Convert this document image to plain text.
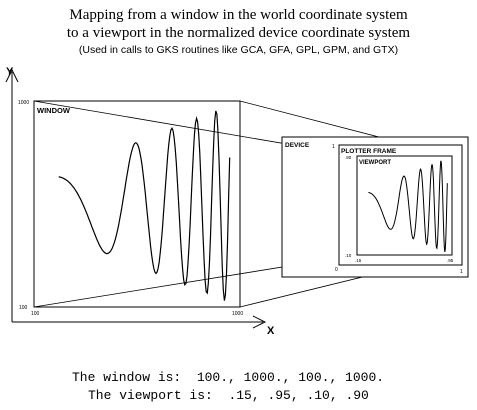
Mapping from a window in the world coordinate system
to a viewport in the normalized device coordinate system
(Used in calls to GKS routines like GCA, GFA, GPL, GPM, and GTX)
Y
X
WINDOW
1000
100
100	1000
DEVICE	1
PLOTTER FRAME
0	1
VIEWPORT
.90
.10
.15	.95
The window is: 100., 1000., 100., 1000.
The viewport is: .15, .95, .10, .90
